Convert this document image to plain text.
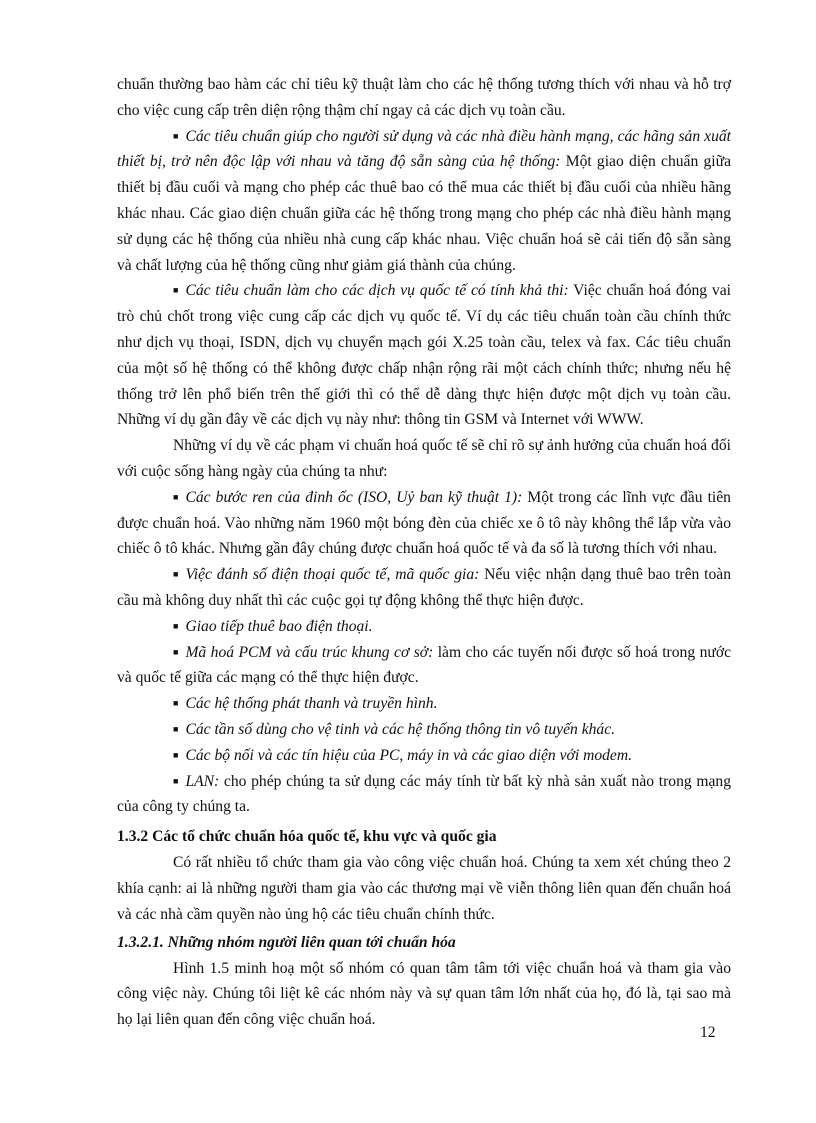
chuẩn thường bao hàm các chỉ tiêu kỹ thuật làm cho các hệ thống tương thích với nhau và hỗ trợ cho việc cung cấp trên diện rộng thậm chí ngay cả các dịch vụ toàn cầu.

■ Các tiêu chuẩn giúp cho người sử dụng và các nhà điều hành mạng, các hãng sản xuất thiết bị, trở nên độc lập với nhau và tăng độ sẵn sàng của hệ thống: Một giao diện chuẩn giữa thiết bị đầu cuối và mạng cho phép các thuê bao có thể mua các thiết bị đầu cuối của nhiều hãng khác nhau. Các giao diện chuẩn giữa các hệ thống trong mạng cho phép các nhà điều hành mạng sử dụng các hệ thống của nhiều nhà cung cấp khác nhau. Việc chuẩn hoá sẽ cải tiến độ sẵn sàng và chất lượng của hệ thống cũng như giảm giá thành của chúng.

■ Các tiêu chuẩn làm cho các dịch vụ quốc tế có tính khả thi: Việc chuẩn hoá đóng vai trò chủ chốt trong việc cung cấp các dịch vụ quốc tế. Ví dụ các tiêu chuẩn toàn cầu chính thức như dịch vụ thoại, ISDN, dịch vụ chuyển mạch gói X.25 toàn cầu, telex và fax. Các tiêu chuẩn của một số hệ thống có thể không được chấp nhận rộng rãi một cách chính thức; nhưng nếu hệ thống trở lên phổ biến trên thế giới thì có thể dễ dàng thực hiện được một dịch vụ toàn cầu. Những ví dụ gần đây về các dịch vụ này như: thông tin GSM và Internet với WWW.

Những ví dụ về các phạm vi chuẩn hoá quốc tế sẽ chỉ rõ sự ảnh hưởng của chuẩn hoá đối với cuộc sống hàng ngày của chúng ta như:

■ Các bước ren của đinh ốc (ISO, Uỷ ban kỹ thuật 1): Một trong các lĩnh vực đầu tiên được chuẩn hoá. Vào những năm 1960 một bóng đèn của chiếc xe ô tô này không thể lắp vừa vào chiếc ô tô khác. Nhưng gần đây chúng được chuẩn hoá quốc tế và đa số là tương thích với nhau.

■ Việc đánh số điện thoại quốc tế, mã quốc gia: Nếu việc nhận dạng thuê bao trên toàn cầu mà không duy nhất thì các cuộc gọi tự động không thể thực hiện được.

■ Giao tiếp thuê bao điện thoại.

■ Mã hoá PCM và cấu trúc khung cơ sở: làm cho các tuyến nối được số hoá trong nước và quốc tế giữa các mạng có thể thực hiện được.

■ Các hệ thống phát thanh và truyền hình.

■ Các tần số dùng cho vệ tinh và các hệ thống thông tin vô tuyến khác.

■ Các bộ nối và các tín hiệu của PC, máy in và các giao diện với modem.

■ LAN: cho phép chúng ta sử dụng các máy tính từ bất kỳ nhà sản xuất nào trong mạng của công ty chúng ta.

1.3.2 Các tổ chức chuẩn hóa quốc tế, khu vực và quốc gia

Có rất nhiều tổ chức tham gia vào công việc chuẩn hoá. Chúng ta xem xét chúng theo 2 khía cạnh: ai là những người tham gia vào các thương mại về viễn thông liên quan đến chuẩn hoá và các nhà cầm quyền nào ủng hộ các tiêu chuẩn chính thức.

1.3.2.1. Những nhóm người liên quan tới chuẩn hóa

Hình 1.5 minh hoạ một số nhóm có quan tâm tâm tới việc chuẩn hoá và tham gia vào công việc này. Chúng tôi liệt kê các nhóm này và sự quan tâm lớn nhất của họ, đó là, tại sao mà họ lại liên quan đến công việc chuẩn hoá.

12
